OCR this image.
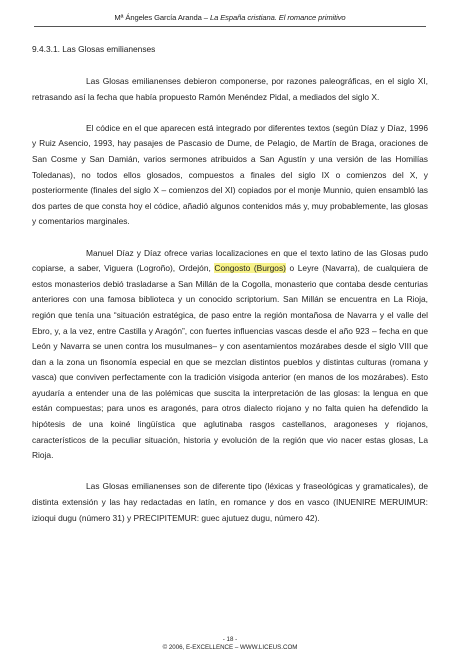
Mª Ángeles García Aranda – La España cristiana. El romance primitivo
9.4.3.1. Las Glosas emilianenses

Las Glosas emilianenses debieron componerse, por razones paleográficas, en el siglo XI, retrasando así la fecha que había propuesto Ramón Menéndez Pidal, a mediados del siglo X.

El códice en el que aparecen está integrado por diferentes textos (según Díaz y Díaz, 1996 y Ruiz Asencio, 1993, hay pasajes de Pascasio de Dume, de Pelagio, de Martín de Braga, oraciones de San Cosme y San Damián, varios sermones atribuidos a San Agustín y una versión de las Homilías Toledanas), no todos ellos glosados, compuestos a finales del siglo IX o comienzos del X, y posteriormente (finales del siglo X – comienzos del XI) copiados por el monje Munnio, quien ensambló las dos partes de que consta hoy el códice, añadió algunos contenidos más y, muy probablemente, las glosas y comentarios marginales.

Manuel Díaz y Díaz ofrece varias localizaciones en que el texto latino de las Glosas pudo copiarse, a saber, Viguera (Logroño), Ordejón, Congosto (Burgos) o Leyre (Navarra), de cualquiera de estos monasterios debió trasladarse a San Millán de la Cogolla, monasterio que contaba desde centurias anteriores con una famosa biblioteca y un conocido scriptorium. San Millán se encuentra en La Rioja, región que tenía una “situación estratégica, de paso entre la región montañosa de Navarra y el valle del Ebro, y, a la vez, entre Castilla y Aragón”, con fuertes influencias vascas desde el año 923 – fecha en que León y Navarra se unen contra los musulmanes– y con asentamientos mozárabes desde el siglo VIII que dan a la zona un fisonomía especial en que se mezclan distintos pueblos y distintas culturas (romana y vasca) que conviven perfectamente con la tradición visigoda anterior (en manos de los mozárabes). Esto ayudaría a entender una de las polémicas que suscita la interpretación de las glosas: la lengua en que están compuestas; para unos es aragonés, para otros dialecto riojano y no falta quien ha defendido la hipótesis de una koiné lingüística que aglutinaba rasgos castellanos, aragoneses y riojanos, característicos de la peculiar situación, historia y evolución de la región que vio nacer estas glosas, La Rioja.

Las Glosas emilianenses son de diferente tipo (léxicas y fraseológicas y gramaticales), de distinta extensión y las hay redactadas en latín, en romance y dos en vasco (INUENIRE MERUIMUR: izioqui dugu (número 31) y PRECIPITEMUR: guec ajutuez dugu, número 42).

- 18 -
© 2006, E-EXCELLENCE – WWW.LICEUS.COM
